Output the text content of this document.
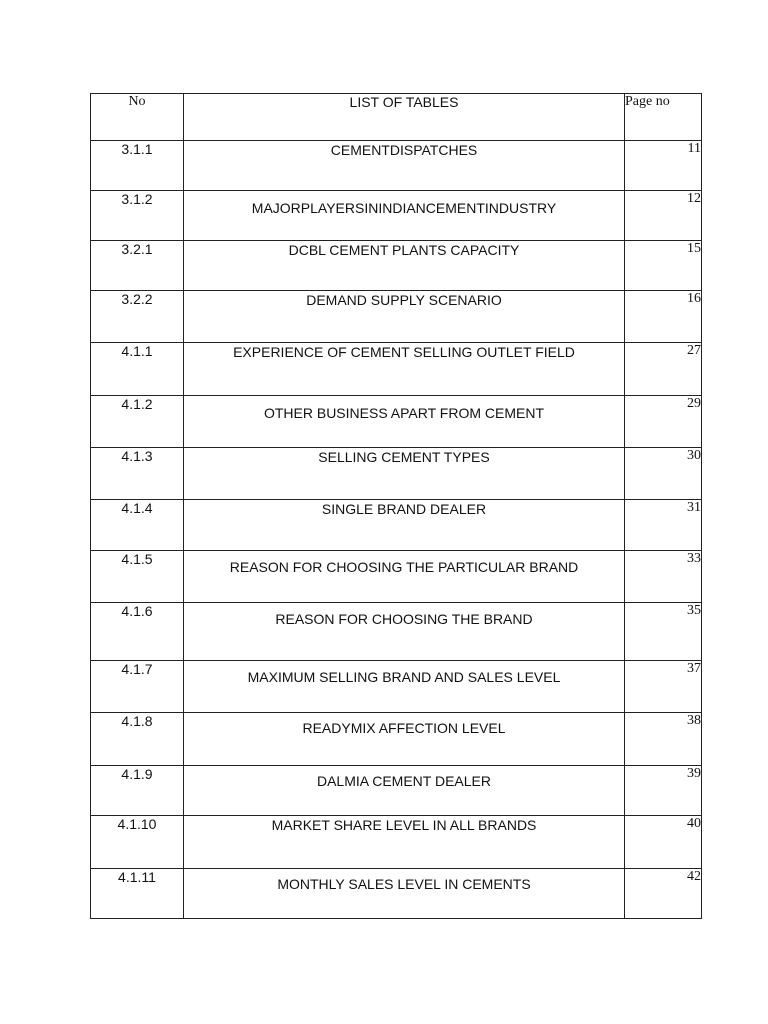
No	LIST OF TABLES	Page no
3.1.1	CEMENTDISPATCHES	11
3.1.2	MAJORPLAYERSININDIANCEMENTINDUSTRY	12
3.2.1	DCBL CEMENT PLANTS CAPACITY	15
3.2.2	DEMAND SUPPLY SCENARIO	16
4.1.1	EXPERIENCE OF CEMENT SELLING OUTLET FIELD	27
4.1.2	OTHER BUSINESS APART FROM CEMENT	29
4.1.3	SELLING CEMENT TYPES	30
4.1.4	SINGLE BRAND DEALER	31
4.1.5	REASON FOR CHOOSING THE PARTICULAR BRAND	33
4.1.6	REASON FOR CHOOSING THE BRAND	35
4.1.7	MAXIMUM SELLING BRAND AND SALES LEVEL	37
4.1.8	READYMIX AFFECTION LEVEL	38
4.1.9	DALMIA CEMENT DEALER	39
4.1.10	MARKET SHARE LEVEL IN ALL BRANDS	40
4.1.11	MONTHLY SALES LEVEL IN CEMENTS	42
